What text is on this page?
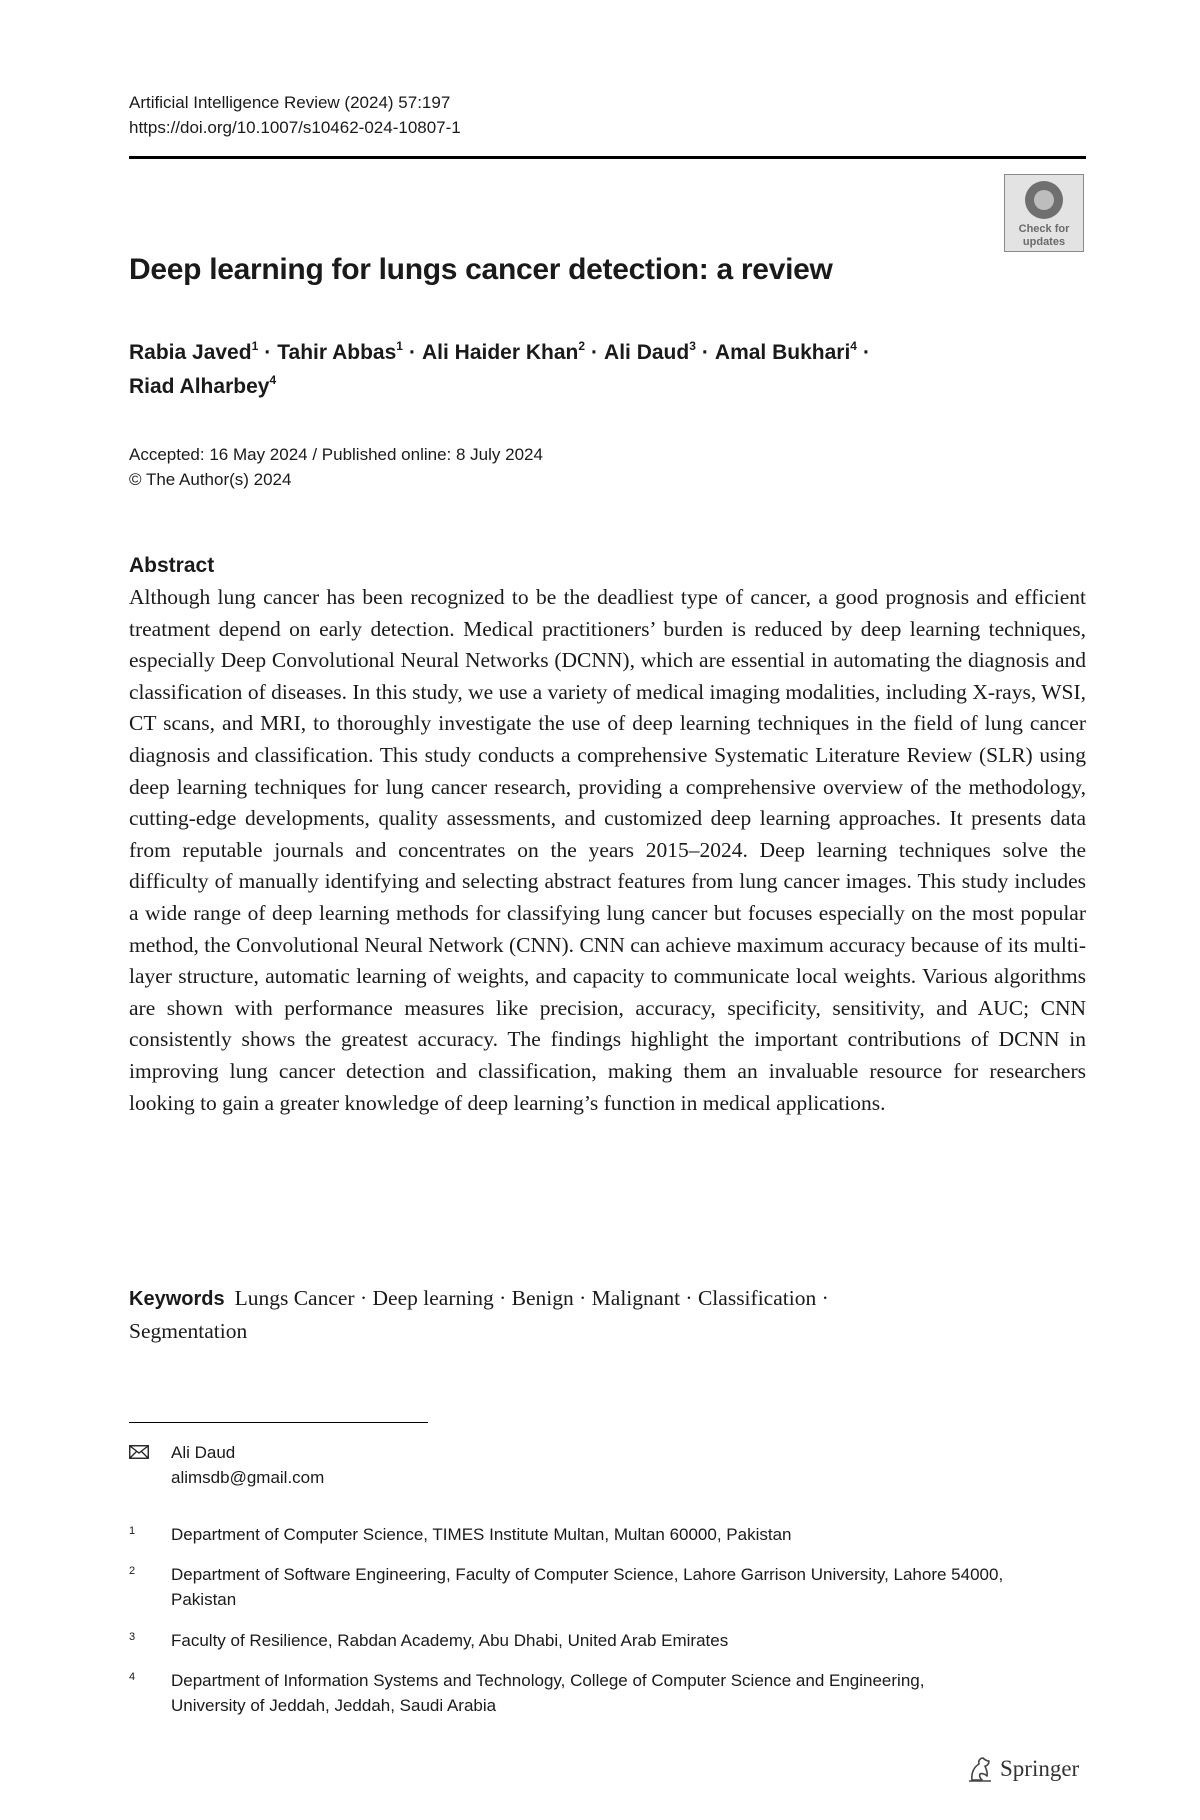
Artificial Intelligence Review (2024) 57:197
https://doi.org/10.1007/s10462-024-10807-1
Check for updates
Deep learning for lungs cancer detection: a review
Rabia Javed$^1$ · Tahir Abbas$^1$ · Ali Haider Khan$^2$ · Ali Daud$^3$ · Amal Bukhari$^4$ ·
Riad Alharbey$^4$
Accepted: 16 May 2024 / Published online: 8 July 2024
© The Author(s) 2024
Abstract

Although lung cancer has been recognized to be the deadliest type of cancer, a good prognosis and efficient treatment depend on early detection. Medical practitioners’ burden is reduced by deep learning techniques, especially Deep Convolutional Neural Networks (DCNN), which are essential in automating the diagnosis and classification of diseases. In this study, we use a variety of medical imaging modalities, including X-rays, WSI, CT scans, and MRI, to thoroughly investigate the use of deep learning techniques in the field of lung cancer diagnosis and classification. This study conducts a comprehensive Systematic Literature Review (SLR) using deep learning techniques for lung cancer research, providing a comprehensive overview of the methodology, cutting-edge developments, quality assessments, and customized deep learning approaches. It presents data from reputable journals and concentrates on the years 2015–2024. Deep learning techniques solve the difficulty of manually identifying and selecting abstract features from lung cancer images. This study includes a wide range of deep learning methods for classifying lung cancer but focuses especially on the most popular method, the Convolutional Neural Network (CNN). CNN can achieve maximum accuracy because of its multi-layer structure, automatic learning of weights, and capacity to communicate local weights. Various algorithms are shown with performance measures like precision, accuracy, specificity, sensitivity, and AUC; CNN consistently shows the greatest accuracy. The findings highlight the important contributions of DCNN in improving lung cancer detection and classification, making them an invaluable resource for researchers looking to gain a greater knowledge of deep learning’s function in medical applications.

Keywords Lungs Cancer · Deep learning · Benign · Malignant · Classification ·
Segmentation
Ali Daud
alimsdb@gmail.com
1 Department of Computer Science, TIMES Institute Multan, Multan 60000, Pakistan
2 Department of Software Engineering, Faculty of Computer Science, Lahore Garrison University, Lahore 54000, Pakistan
3 Faculty of Resilience, Rabdan Academy, Abu Dhabi, United Arab Emirates
4 Department of Information Systems and Technology, College of Computer Science and Engineering, University of Jeddah, Jeddah, Saudi Arabia
Springer
